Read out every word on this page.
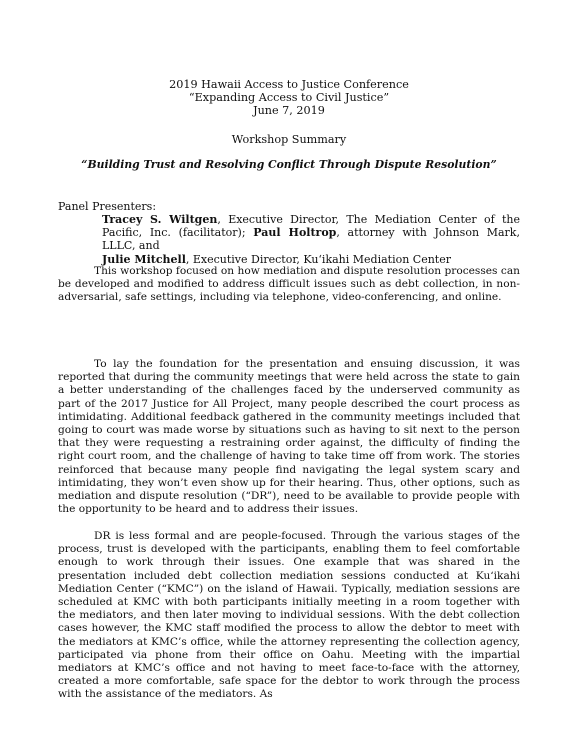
2019 Hawaii Access to Justice Conference
“Expanding Access to Civil Justice”
June 7, 2019
Workshop Summary
“Building Trust and Resolving Conflict Through Dispute Resolution”
Panel Presenters:
Tracey S. Wiltgen, Executive Director, The Mediation Center of the Pacific, Inc. (facilitator); Paul Holtrop, attorney with Johnson Mark, LLLC, and
Julie Mitchell, Executive Director, Kuʻikahi Mediation Center

This workshop focused on how mediation and dispute resolution processes can be developed and modified to address difficult issues such as debt collection, in non-adversarial, safe settings, including via telephone, video-conferencing, and online.

To lay the foundation for the presentation and ensuing discussion, it was reported that during the community meetings that were held across the state to gain a better understanding of the challenges faced by the underserved community as part of the 2017 Justice for All Project, many people described the court process as intimidating. Additional feedback gathered in the community meetings included that going to court was made worse by situations such as having to sit next to the person that they were requesting a restraining order against, the difficulty of finding the right court room, and the challenge of having to take time off from work. The stories reinforced that because many people find navigating the legal system scary and intimidating, they won’t even show up for their hearing. Thus, other options, such as mediation and dispute resolution (“DR”), need to be available to provide people with the opportunity to be heard and to address their issues.

DR is less formal and are people-focused. Through the various stages of the process, trust is developed with the participants, enabling them to feel comfortable enough to work through their issues. One example that was shared in the presentation included debt collection mediation sessions conducted at Kuʻikahi Mediation Center (“KMC”) on the island of Hawaii. Typically, mediation sessions are scheduled at KMC with both participants initially meeting in a room together with the mediators, and then later moving to individual sessions. With the debt collection cases however, the KMC staff modified the process to allow the debtor to meet with the mediators at KMC’s office, while the attorney representing the collection agency, participated via phone from their office on Oahu. Meeting with the impartial mediators at KMC’s office and not having to meet face-to-face with the attorney, created a more comfortable, safe space for the debtor to work through the process with the assistance of the mediators. As
